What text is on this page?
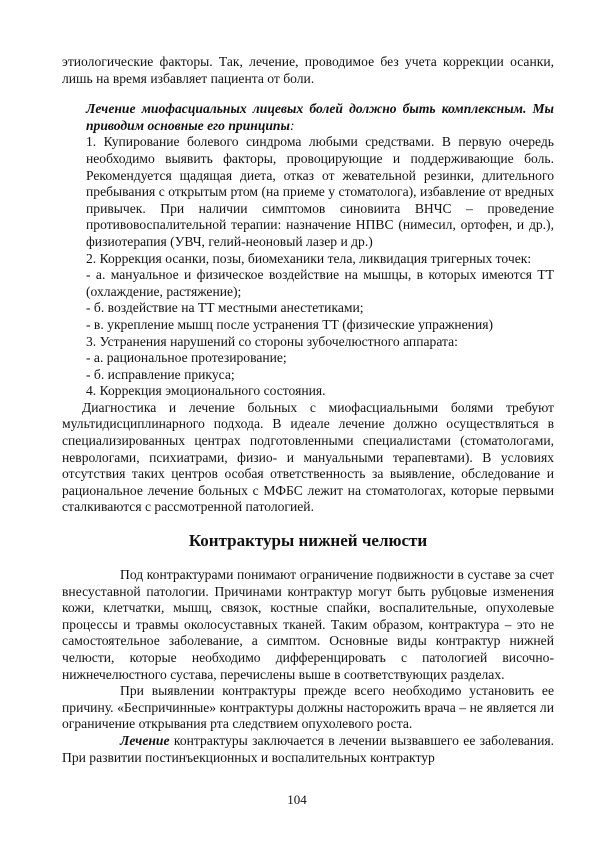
этиологические факторы. Так, лечение, проводимое без учета коррекции осанки, лишь на время избавляет пациента от боли.

Лечение миофасциальных лицевых болей должно быть комплексным. Мы приводим основные его принципы:

1. Купирование болевого синдрома любыми средствами. В первую очередь необходимо выявить факторы, провоцирующие и поддерживающие боль. Рекомендуется щадящая диета, отказ от жевательной резинки, длительного пребывания с открытым ртом (на приеме у стоматолога), избавление от вредных привычек. При наличии симптомов синовиита ВНЧС – проведение противовоспалительной терапии: назначение НПВС (нимесил, ортофен, и др.), физиотерапия (УВЧ, гелий-неоновый лазер и др.)

2. Коррекция осанки, позы, биомеханики тела, ликвидация тригерных точек:

- а. мануальное и физическое воздействие на мышцы, в которых имеются ТТ (охлаждение, растяжение);

- б. воздействие на ТТ местными анестетиками;

- в. укрепление мышц после устранения ТТ (физические упражнения)

3. Устранения нарушений со стороны зубочелюстного аппарата:

- а. рациональное протезирование;

- б. исправление прикуса;

4. Коррекция эмоционального состояния.

Диагностика и лечение больных с миофасциальными болями требуют мультидисциплинарного подхода. В идеале лечение должно осуществляться в специализированных центрах подготовленными специалистами (стоматологами, неврологами, психиатрами, физио- и мануальными терапевтами). В условиях отсутствия таких центров особая ответственность за выявление, обследование и рациональное лечение больных с МФБС лежит на стоматологах, которые первыми сталкиваются с рассмотренной патологией.

Контрактуры нижней челюсти

Под контрактурами понимают ограничение подвижности в суставе за счет внесуставной патологии. Причинами контрактур могут быть рубцовые изменения кожи, клетчатки, мышц, связок, костные спайки, воспалительные, опухолевые процессы и травмы околосуставных тканей. Таким образом, контрактура – это не самостоятельное заболевание, а симптом. Основные виды контрактур нижней челюсти, которые необходимо дифференцировать с патологией височно-нижнечелюстного сустава, перечислены выше в соответствующих разделах.

При выявлении контрактуры прежде всего необходимо установить ее причину. «Беспричинные» контрактуры должны насторожить врача – не является ли ограничение открывания рта следствием опухолевого роста.

Лечение контрактуры заключается в лечении вызвавшего ее заболевания. При развитии постинъекционных и воспалительных контрактур

104
